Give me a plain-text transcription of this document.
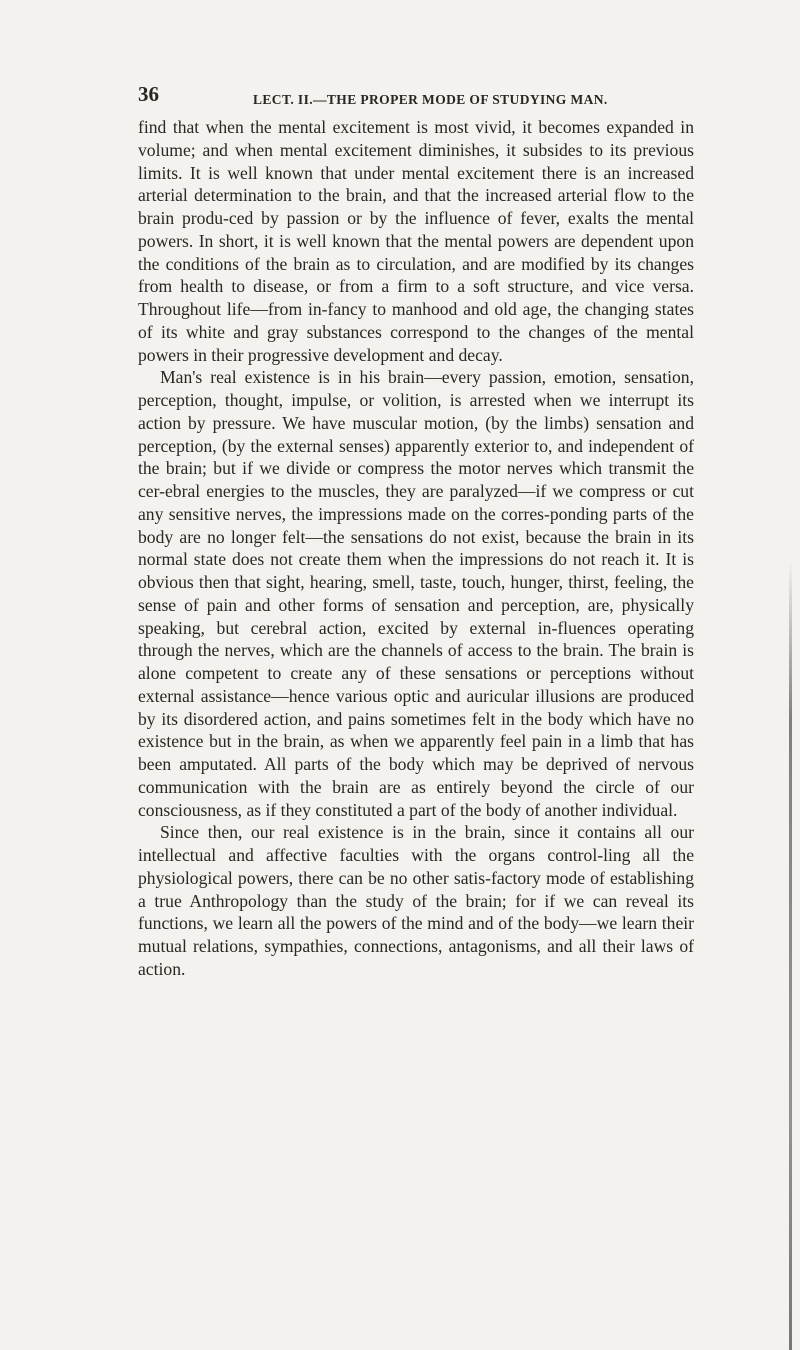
36	LECT. II.—THE PROPER MODE OF STUDYING MAN.

find that when the mental excitement is most vivid, it becomes expanded in volume; and when mental excitement diminishes, it subsides to its previous limits. It is well known that under mental excitement there is an increased arterial determination to the brain, and that the increased arterial flow to the brain produ-ced by passion or by the influence of fever, exalts the mental powers. In short, it is well known that the mental powers are dependent upon the conditions of the brain as to circulation, and are modified by its changes from health to disease, or from a firm to a soft structure, and vice versa. Throughout life—from in-fancy to manhood and old age, the changing states of its white and gray substances correspond to the changes of the mental powers in their progressive development and decay.

Man's real existence is in his brain—every passion, emotion, sensation, perception, thought, impulse, or volition, is arrested when we interrupt its action by pressure. We have muscular motion, (by the limbs) sensation and perception, (by the external senses) apparently exterior to, and independent of the brain; but if we divide or compress the motor nerves which transmit the cer-ebral energies to the muscles, they are paralyzed—if we compress or cut any sensitive nerves, the impressions made on the corres-ponding parts of the body are no longer felt—the sensations do not exist, because the brain in its normal state does not create them when the impressions do not reach it. It is obvious then that sight, hearing, smell, taste, touch, hunger, thirst, feeling, the sense of pain and other forms of sensation and perception, are, physically speaking, but cerebral action, excited by external in-fluences operating through the nerves, which are the channels of access to the brain. The brain is alone competent to create any of these sensations or perceptions without external assistance—hence various optic and auricular illusions are produced by its disordered action, and pains sometimes felt in the body which have no existence but in the brain, as when we apparently feel pain in a limb that has been amputated. All parts of the body which may be deprived of nervous communication with the brain are as entirely beyond the circle of our consciousness, as if they constituted a part of the body of another individual.

Since then, our real existence is in the brain, since it contains all our intellectual and affective faculties with the organs control-ling all the physiological powers, there can be no other satis-factory mode of establishing a true Anthropology than the study of the brain; for if we can reveal its functions, we learn all the powers of the mind and of the body—we learn their mutual relations, sympathies, connections, antagonisms, and all their laws of action.
